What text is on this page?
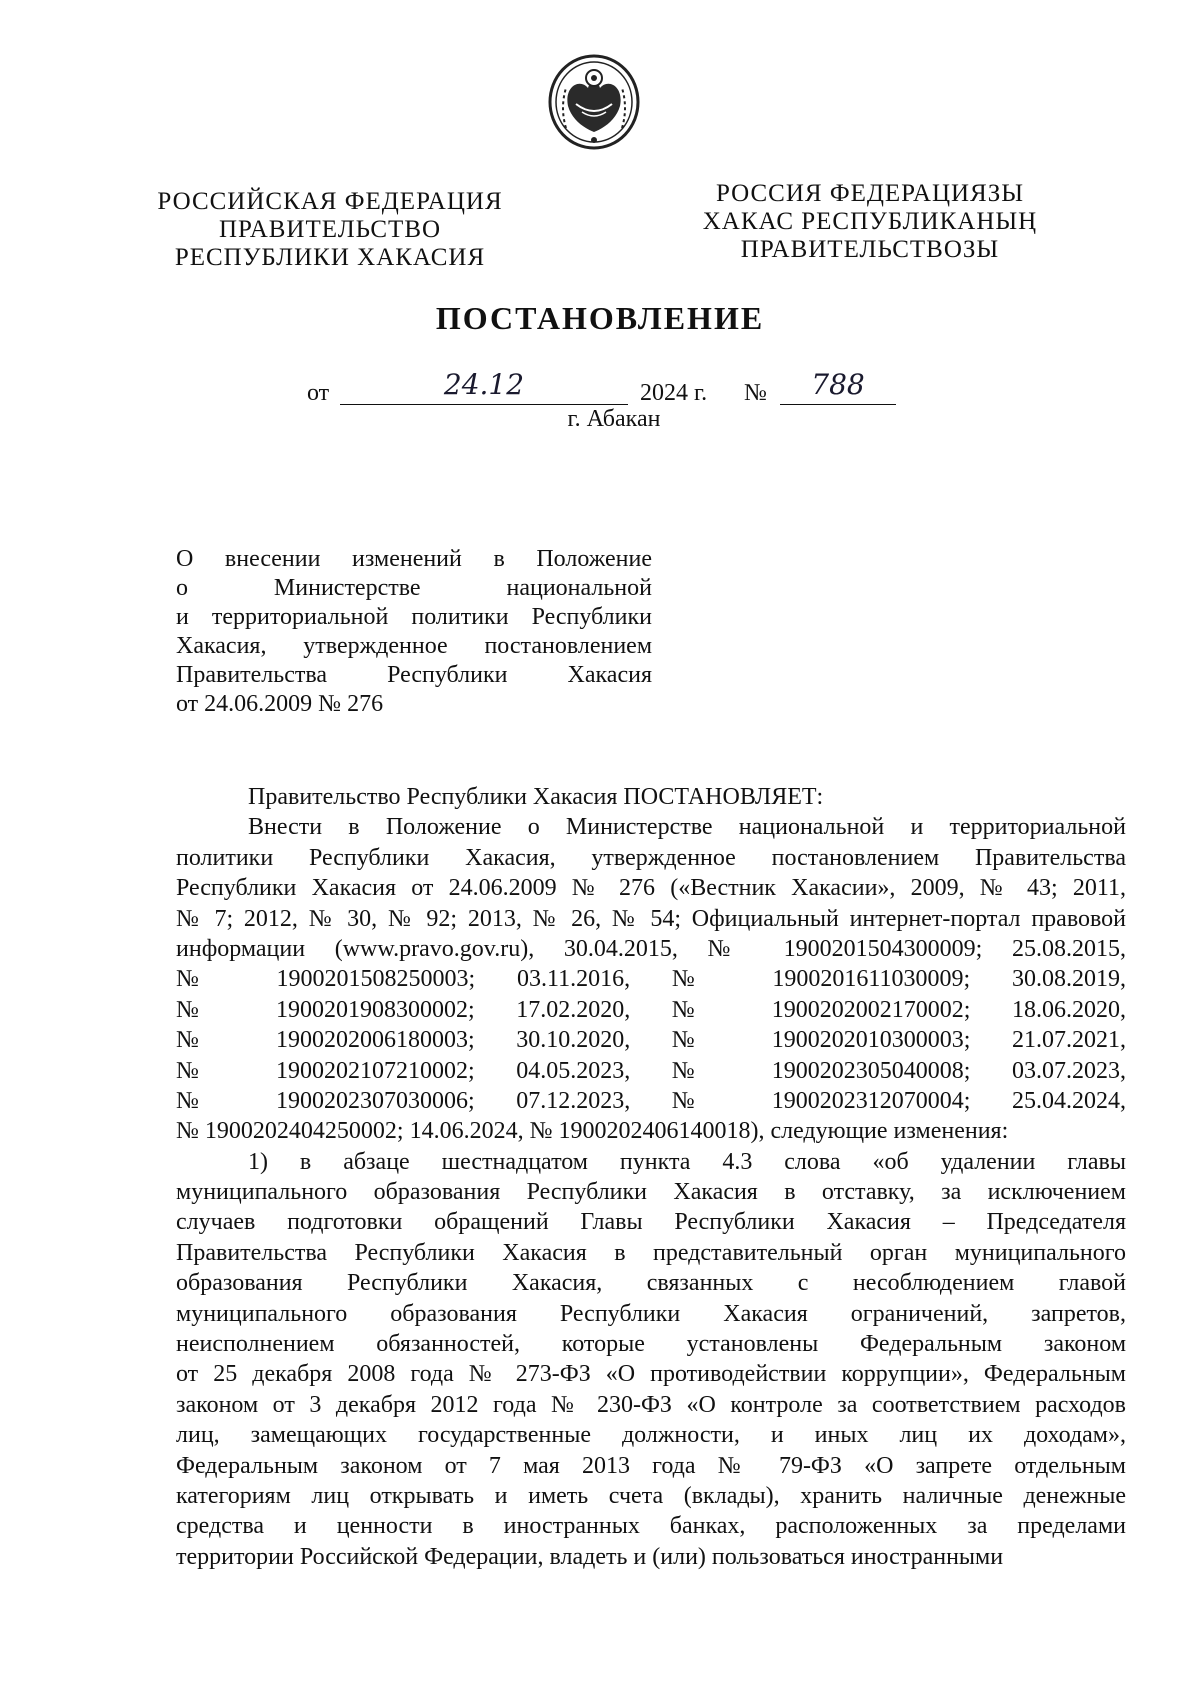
РОССИЙСКАЯ ФЕДЕРАЦИЯ
ПРАВИТЕЛЬСТВО
РЕСПУБЛИКИ ХАКАСИЯ
РОССИЯ ФЕДЕРАЦИЯЗЫ
ХАКАС РЕСПУБЛИКАНЫҢ
ПРАВИТЕЛЬСТВОЗЫ
ПОСТАНОВЛЕНИЕ
от	24.12	2024 г. №	788
г. Абакан
О внесении изменений в Положение
о Министерстве национальной
и территориальной политики Республики
Хакасия, утвержденное постановлением
Правительства Республики Хакасия
от 24.06.2009 № 276
Правительство Республики Хакасия ПОСТАНОВЛЯЕТ:
Внести в Положение о Министерстве национальной и территориальной
политики Республики Хакасия, утвержденное постановлением Правительства
Республики Хакасия от 24.06.2009 № 276 («Вестник Хакасии», 2009, № 43; 2011,
№ 7; 2012, № 30, № 92; 2013, № 26, № 54; Официальный интернет-портал правовой
информации (www.pravo.gov.ru), 30.04.2015, № 1900201504300009; 25.08.2015,
№ 1900201508250003; 03.11.2016, № 1900201611030009; 30.08.2019,
№ 1900201908300002; 17.02.2020, № 1900202002170002; 18.06.2020,
№ 1900202006180003; 30.10.2020, № 1900202010300003; 21.07.2021,
№ 1900202107210002; 04.05.2023, № 1900202305040008; 03.07.2023,
№ 1900202307030006; 07.12.2023, № 1900202312070004; 25.04.2024,
№ 1900202404250002; 14.06.2024, № 1900202406140018), следующие изменения:
1) в абзаце шестнадцатом пункта 4.3 слова «об удалении главы
муниципального образования Республики Хакасия в отставку, за исключением
случаев подготовки обращений Главы Республики Хакасия – Председателя
Правительства Республики Хакасия в представительный орган муниципального
образования Республики Хакасия, связанных с несоблюдением главой
муниципального образования Республики Хакасия ограничений, запретов,
неисполнением обязанностей, которые установлены Федеральным законом
от 25 декабря 2008 года № 273-ФЗ «О противодействии коррупции», Федеральным
законом от 3 декабря 2012 года № 230-ФЗ «О контроле за соответствием расходов
лиц, замещающих государственные должности, и иных лиц их доходам»,
Федеральным законом от 7 мая 2013 года № 79-ФЗ «О запрете отдельным
категориям лиц открывать и иметь счета (вклады), хранить наличные денежные
средства и ценности в иностранных банках, расположенных за пределами
территории Российской Федерации, владеть и (или) пользоваться иностранными
